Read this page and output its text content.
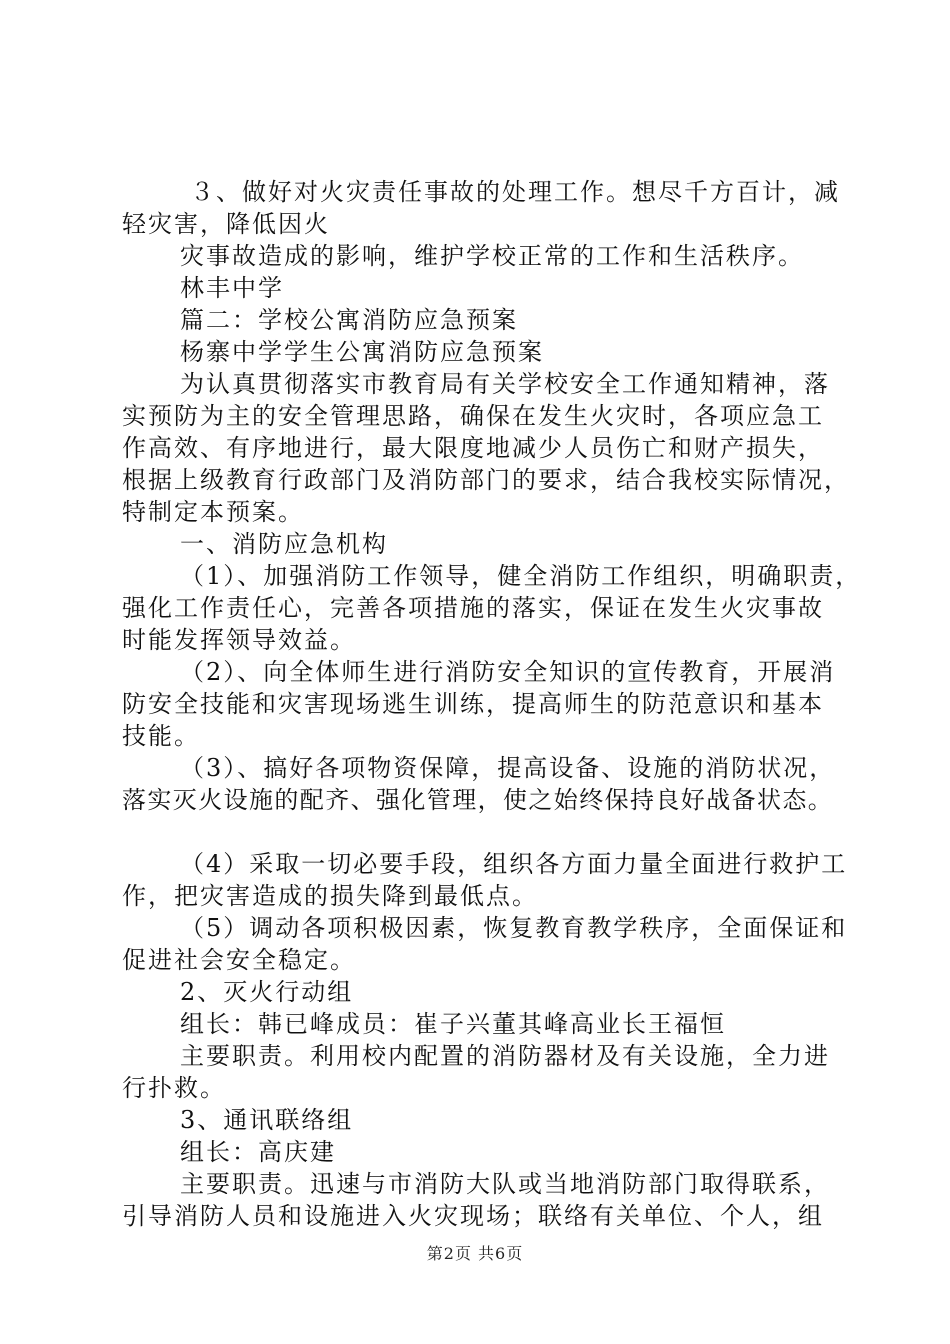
３、做好对火灾责任事故的处理工作。想尽千方百计，减
轻灾害，降低因火
灾事故造成的影响，维护学校正常的工作和生活秩序。
林丰中学
篇二：学校公寓消防应急预案
杨寨中学学生公寓消防应急预案
为认真贯彻落实市教育局有关学校安全工作通知精神，落
实预防为主的安全管理思路，确保在发生火灾时，各项应急工
作高效、有序地进行，最大限度地减少人员伤亡和财产损失，
根据上级教育行政部门及消防部门的要求，结合我校实际情况，
特制定本预案。
一、消防应急机构
（1）、加强消防工作领导，健全消防工作组织，明确职责，
强化工作责任心，完善各项措施的落实，保证在发生火灾事故
时能发挥领导效益。
（2）、向全体师生进行消防安全知识的宣传教育，开展消
防安全技能和灾害现场逃生训练，提高师生的防范意识和基本
技能。
（3）、搞好各项物资保障，提高设备、设施的消防状况，
落实灭火设施的配齐、强化管理，使之始终保持良好战备状态。
（4）采取一切必要手段，组织各方面力量全面进行救护工
作，把灾害造成的损失降到最低点。
（5）调动各项积极因素，恢复教育教学秩序，全面保证和
促进社会安全稳定。
2、灭火行动组
组长：韩已峰成员：崔子兴董其峰高业长王福恒
主要职责。利用校内配置的消防器材及有关设施，全力进
行扑救。
3、通讯联络组
组长：高庆建
主要职责。迅速与市消防大队或当地消防部门取得联系，
引导消防人员和设施进入火灾现场；联络有关单位、个人，组
第2页 共6页
